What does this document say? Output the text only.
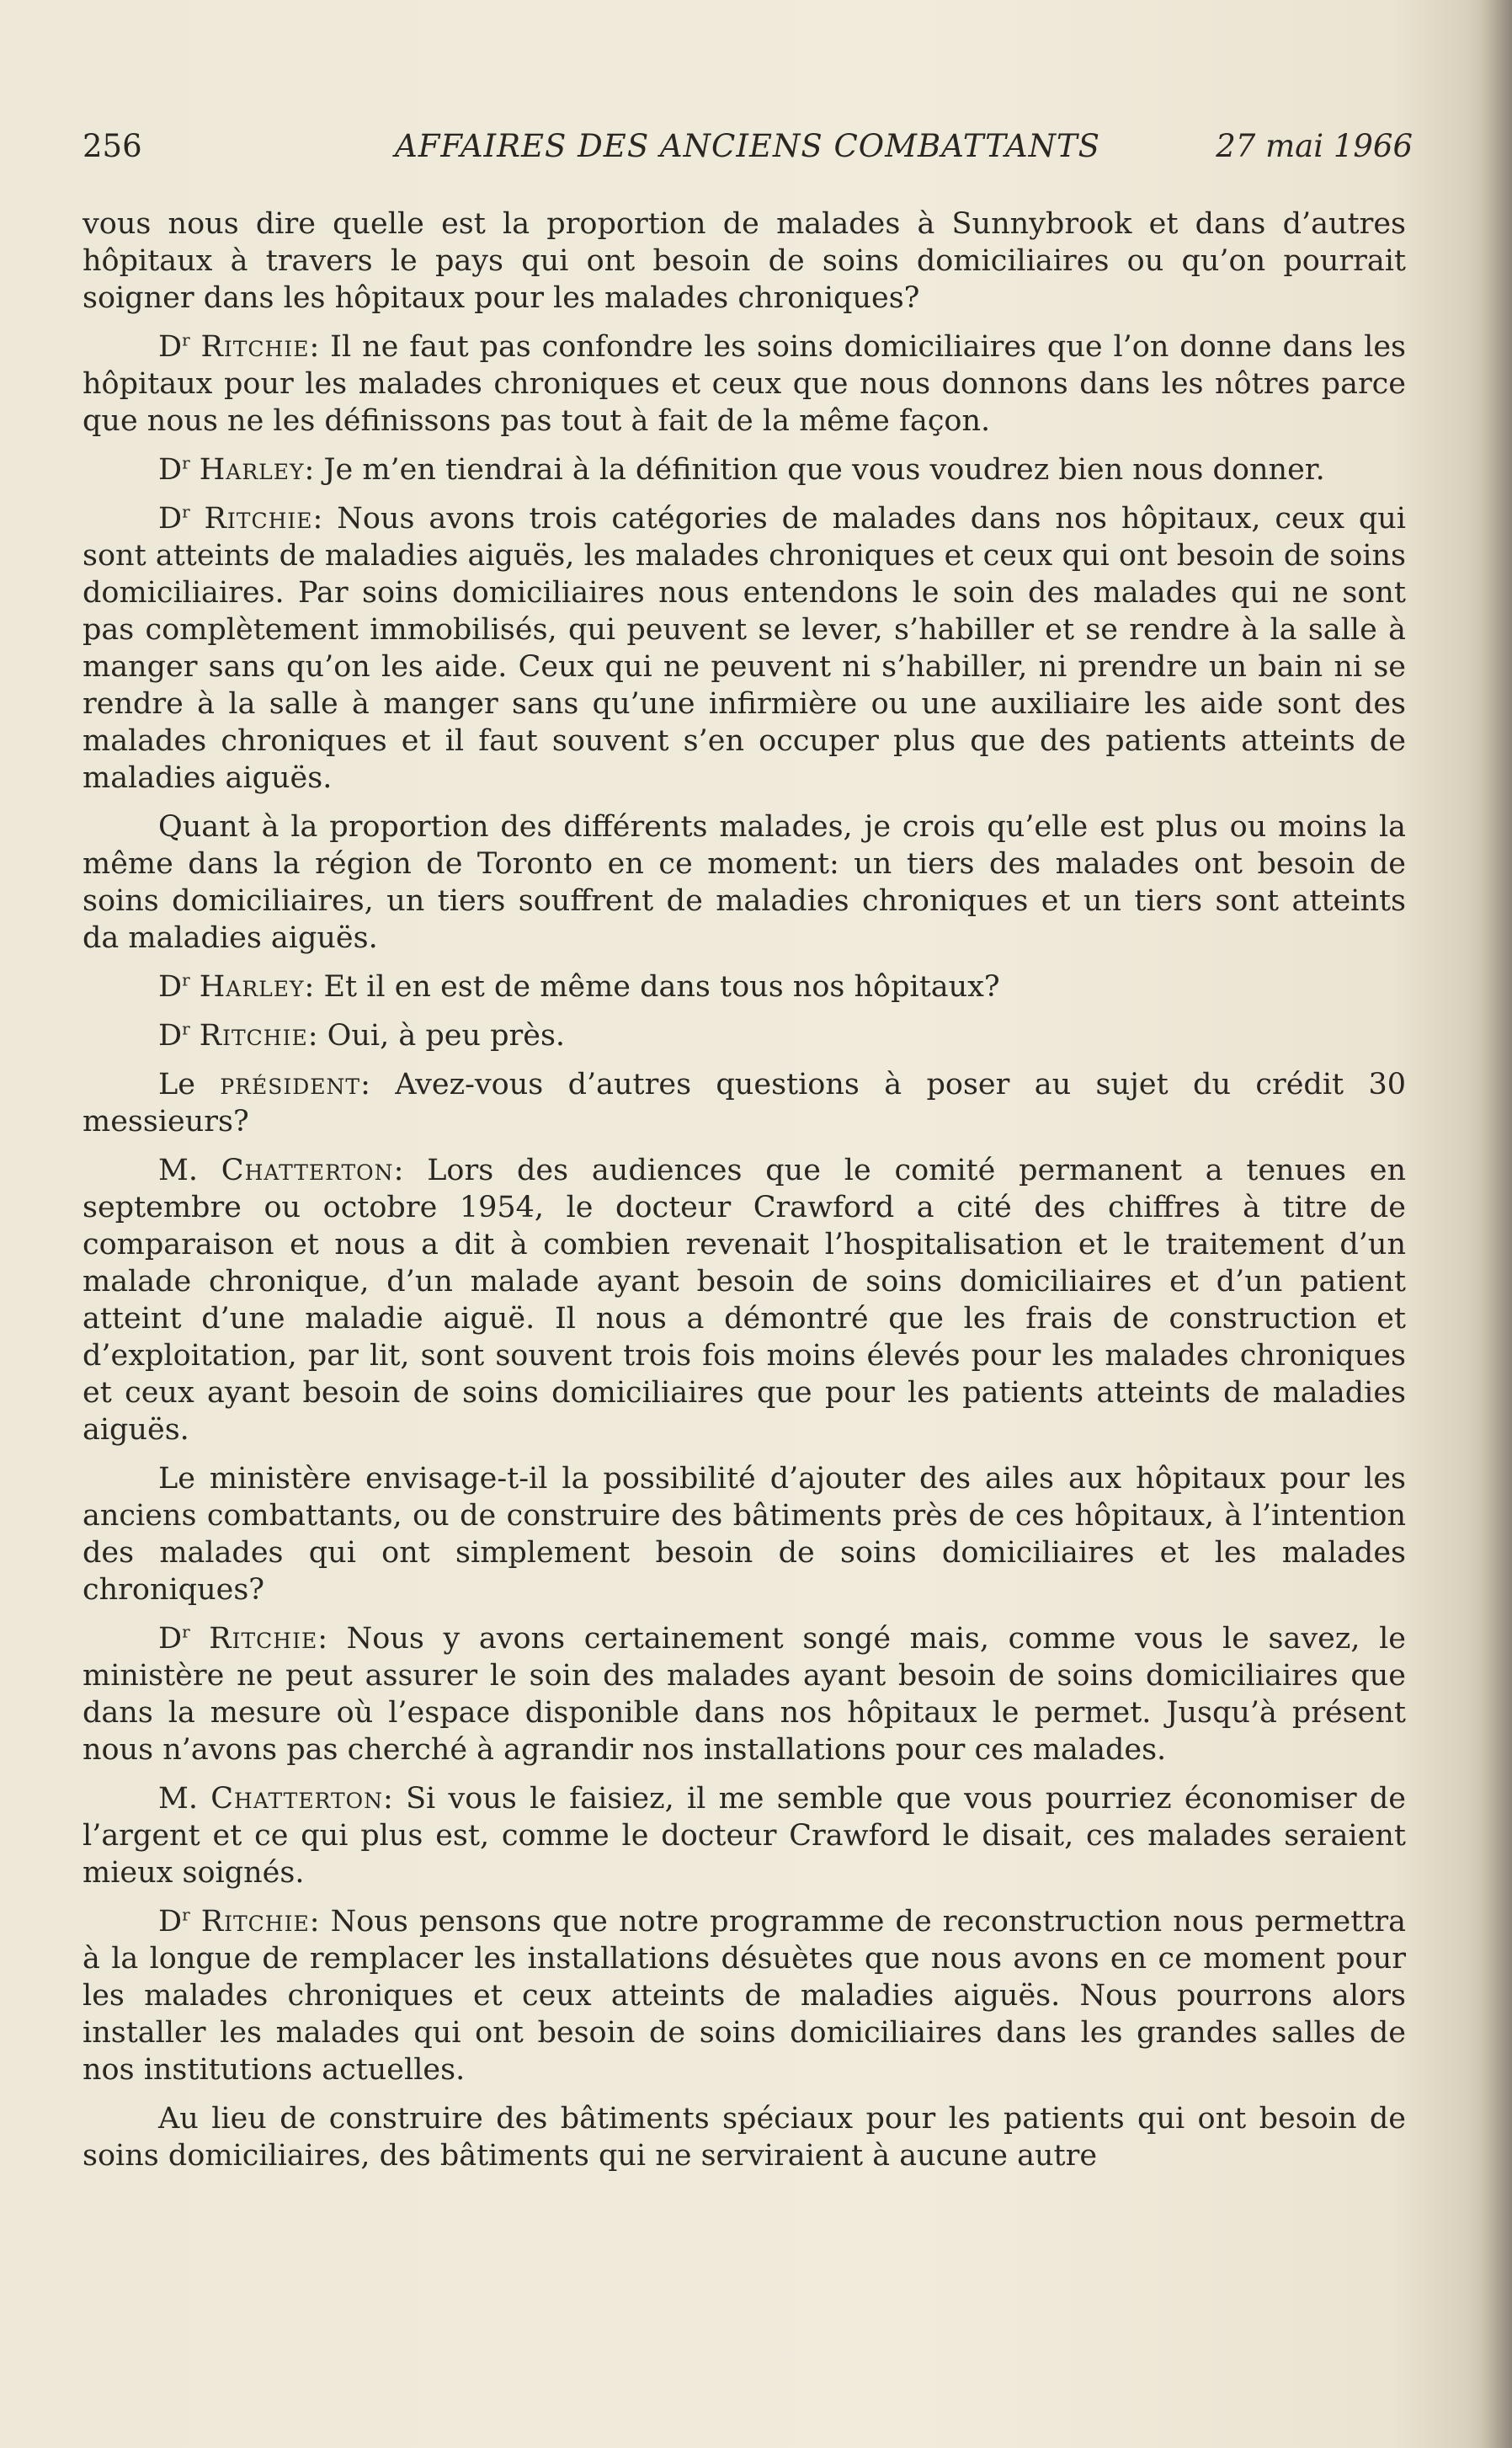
256	AFFAIRES DES ANCIENS COMBATTANTS	27 mai 1966

vous nous dire quelle est la proportion de malades à Sunnybrook et dans d’autres hôpitaux à travers le pays qui ont besoin de soins domiciliaires ou qu’on pourrait soigner dans les hôpitaux pour les malades chroniques?

$D^r$ Ritchie: Il ne faut pas confondre les soins domiciliaires que l’on donne dans les hôpitaux pour les malades chroniques et ceux que nous donnons dans les nôtres parce que nous ne les définissons pas tout à fait de la même façon.

$D^r$ Harley: Je m’en tiendrai à la définition que vous voudrez bien nous donner.

$D^r$ Ritchie: Nous avons trois catégories de malades dans nos hôpitaux, ceux qui sont atteints de maladies aiguës, les malades chroniques et ceux qui ont besoin de soins domiciliaires. Par soins domiciliaires nous entendons le soin des malades qui ne sont pas complètement immobilisés, qui peuvent se lever, s’habiller et se rendre à la salle à manger sans qu’on les aide. Ceux qui ne peuvent ni s’habiller, ni prendre un bain ni se rendre à la salle à manger sans qu’une infirmière ou une auxiliaire les aide sont des malades chroniques et il faut souvent s’en occuper plus que des patients atteints de maladies aiguës.

Quant à la proportion des différents malades, je crois qu’elle est plus ou moins la même dans la région de Toronto en ce moment: un tiers des malades ont besoin de soins domiciliaires, un tiers souffrent de maladies chroniques et un tiers sont atteints da maladies aiguës.

$D^r$ Harley: Et il en est de même dans tous nos hôpitaux?

$D^r$ Ritchie: Oui, à peu près.

Le président: Avez-vous d’autres questions à poser au sujet du crédit 30 messieurs?

M. Chatterton: Lors des audiences que le comité permanent a tenues en septembre ou octobre 1954, le docteur Crawford a cité des chiffres à titre de comparaison et nous a dit à combien revenait l’hospitalisation et le traitement d’un malade chronique, d’un malade ayant besoin de soins domiciliaires et d’un patient atteint d’une maladie aiguë. Il nous a démontré que les frais de construction et d’exploitation, par lit, sont souvent trois fois moins élevés pour les malades chroniques et ceux ayant besoin de soins domiciliaires que pour les patients atteints de maladies aiguës.

Le ministère envisage-t-il la possibilité d’ajouter des ailes aux hôpitaux pour les anciens combattants, ou de construire des bâtiments près de ces hôpitaux, à l’intention des malades qui ont simplement besoin de soins domiciliaires et les malades chroniques?

$D^r$ Ritchie: Nous y avons certainement songé mais, comme vous le savez, le ministère ne peut assurer le soin des malades ayant besoin de soins domiciliaires que dans la mesure où l’espace disponible dans nos hôpitaux le permet. Jusqu’à présent nous n’avons pas cherché à agrandir nos installations pour ces malades.

M. Chatterton: Si vous le faisiez, il me semble que vous pourriez économiser de l’argent et ce qui plus est, comme le docteur Crawford le disait, ces malades seraient mieux soignés.

$D^r$ Ritchie: Nous pensons que notre programme de reconstruction nous permettra à la longue de remplacer les installations désuètes que nous avons en ce moment pour les malades chroniques et ceux atteints de maladies aiguës. Nous pourrons alors installer les malades qui ont besoin de soins domiciliaires dans les grandes salles de nos institutions actuelles.

Au lieu de construire des bâtiments spéciaux pour les patients qui ont besoin de soins domiciliaires, des bâtiments qui ne serviraient à aucune autre
